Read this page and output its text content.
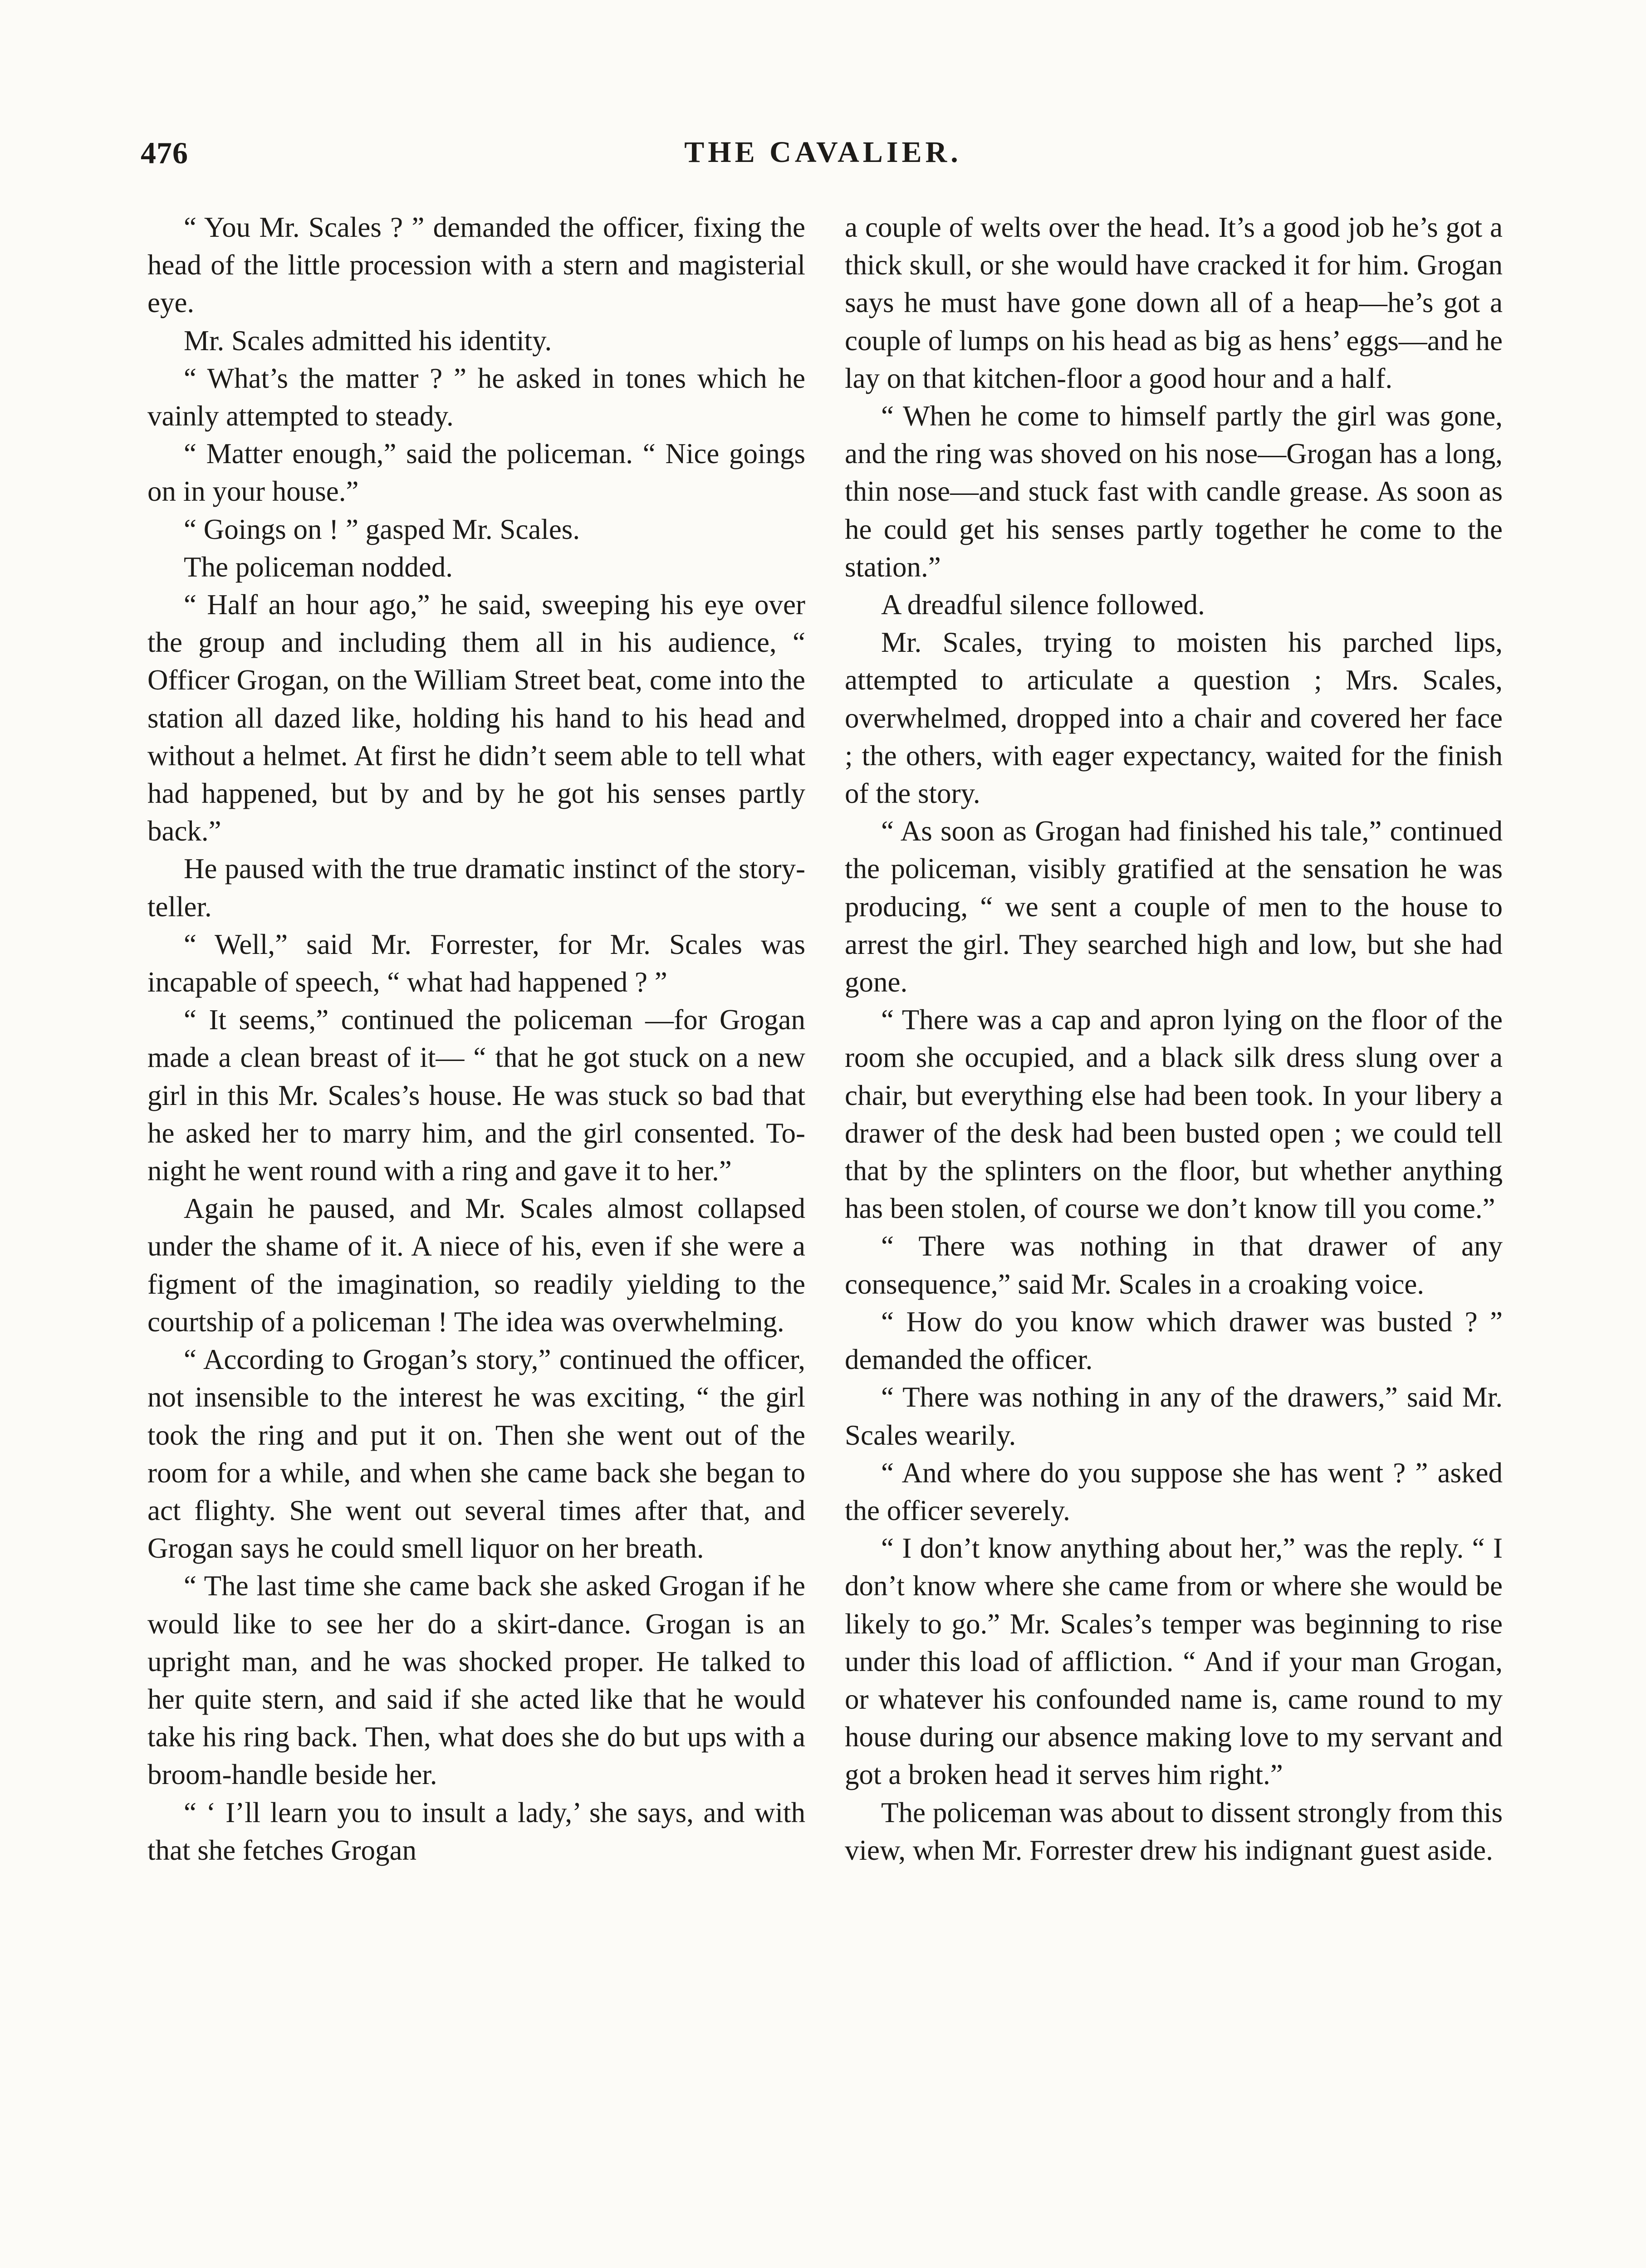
476	THE CAVALIER.

“ You Mr. Scales ? ” demanded the officer, fixing the head of the little procession with a stern and magisterial eye.

Mr. Scales admitted his identity.

“ What’s the matter ? ” he asked in tones which he vainly attempted to steady.

“ Matter enough,” said the policeman. “ Nice goings on in your house.”

“ Goings on ! ” gasped Mr. Scales.

The policeman nodded.

“ Half an hour ago,” he said, sweeping his eye over the group and including them all in his audience, “ Officer Grogan, on the William Street beat, come into the station all dazed like, holding his hand to his head and without a helmet. At first he didn’t seem able to tell what had happened, but by and by he got his senses partly back.”

He paused with the true dramatic instinct of the story-teller.

“ Well,” said Mr. Forrester, for Mr. Scales was incapable of speech, “ what had happened ? ”

“ It seems,” continued the policeman —for Grogan made a clean breast of it— “ that he got stuck on a new girl in this Mr. Scales’s house. He was stuck so bad that he asked her to marry him, and the girl consented. To-night he went round with a ring and gave it to her.”

Again he paused, and Mr. Scales almost collapsed under the shame of it. A niece of his, even if she were a figment of the imagination, so readily yielding to the courtship of a policeman ! The idea was overwhelming.

“ According to Grogan’s story,” continued the officer, not insensible to the interest he was exciting, “ the girl took the ring and put it on. Then she went out of the room for a while, and when she came back she began to act flighty. She went out several times after that, and Grogan says he could smell liquor on her breath.

“ The last time she came back she asked Grogan if he would like to see her do a skirt-dance. Grogan is an upright man, and he was shocked proper. He talked to her quite stern, and said if she acted like that he would take his ring back. Then, what does she do but ups with a broom-handle beside her.

“ ‘ I’ll learn you to insult a lady,’ she says, and with that she fetches Grogan

a couple of welts over the head. It’s a good job he’s got a thick skull, or she would have cracked it for him. Grogan says he must have gone down all of a heap—he’s got a couple of lumps on his head as big as hens’ eggs—and he lay on that kitchen-floor a good hour and a half.

“ When he come to himself partly the girl was gone, and the ring was shoved on his nose—Grogan has a long, thin nose—and stuck fast with candle grease. As soon as he could get his senses partly together he come to the station.”

A dreadful silence followed.

Mr. Scales, trying to moisten his parched lips, attempted to articulate a question ; Mrs. Scales, overwhelmed, dropped into a chair and covered her face ; the others, with eager expectancy, waited for the finish of the story.

“ As soon as Grogan had finished his tale,” continued the policeman, visibly gratified at the sensation he was producing, “ we sent a couple of men to the house to arrest the girl. They searched high and low, but she had gone.

“ There was a cap and apron lying on the floor of the room she occupied, and a black silk dress slung over a chair, but everything else had been took. In your libery a drawer of the desk had been busted open ; we could tell that by the splinters on the floor, but whether anything has been stolen, of course we don’t know till you come.”

“ There was nothing in that drawer of any consequence,” said Mr. Scales in a croaking voice.

“ How do you know which drawer was busted ? ” demanded the officer.

“ There was nothing in any of the drawers,” said Mr. Scales wearily.

“ And where do you suppose she has went ? ” asked the officer severely.

“ I don’t know anything about her,” was the reply. “ I don’t know where she came from or where she would be likely to go.” Mr. Scales’s temper was beginning to rise under this load of affliction. “ And if your man Grogan, or whatever his confounded name is, came round to my house during our absence making love to my servant and got a broken head it serves him right.”

The policeman was about to dissent strongly from this view, when Mr. Forrester drew his indignant guest aside.
